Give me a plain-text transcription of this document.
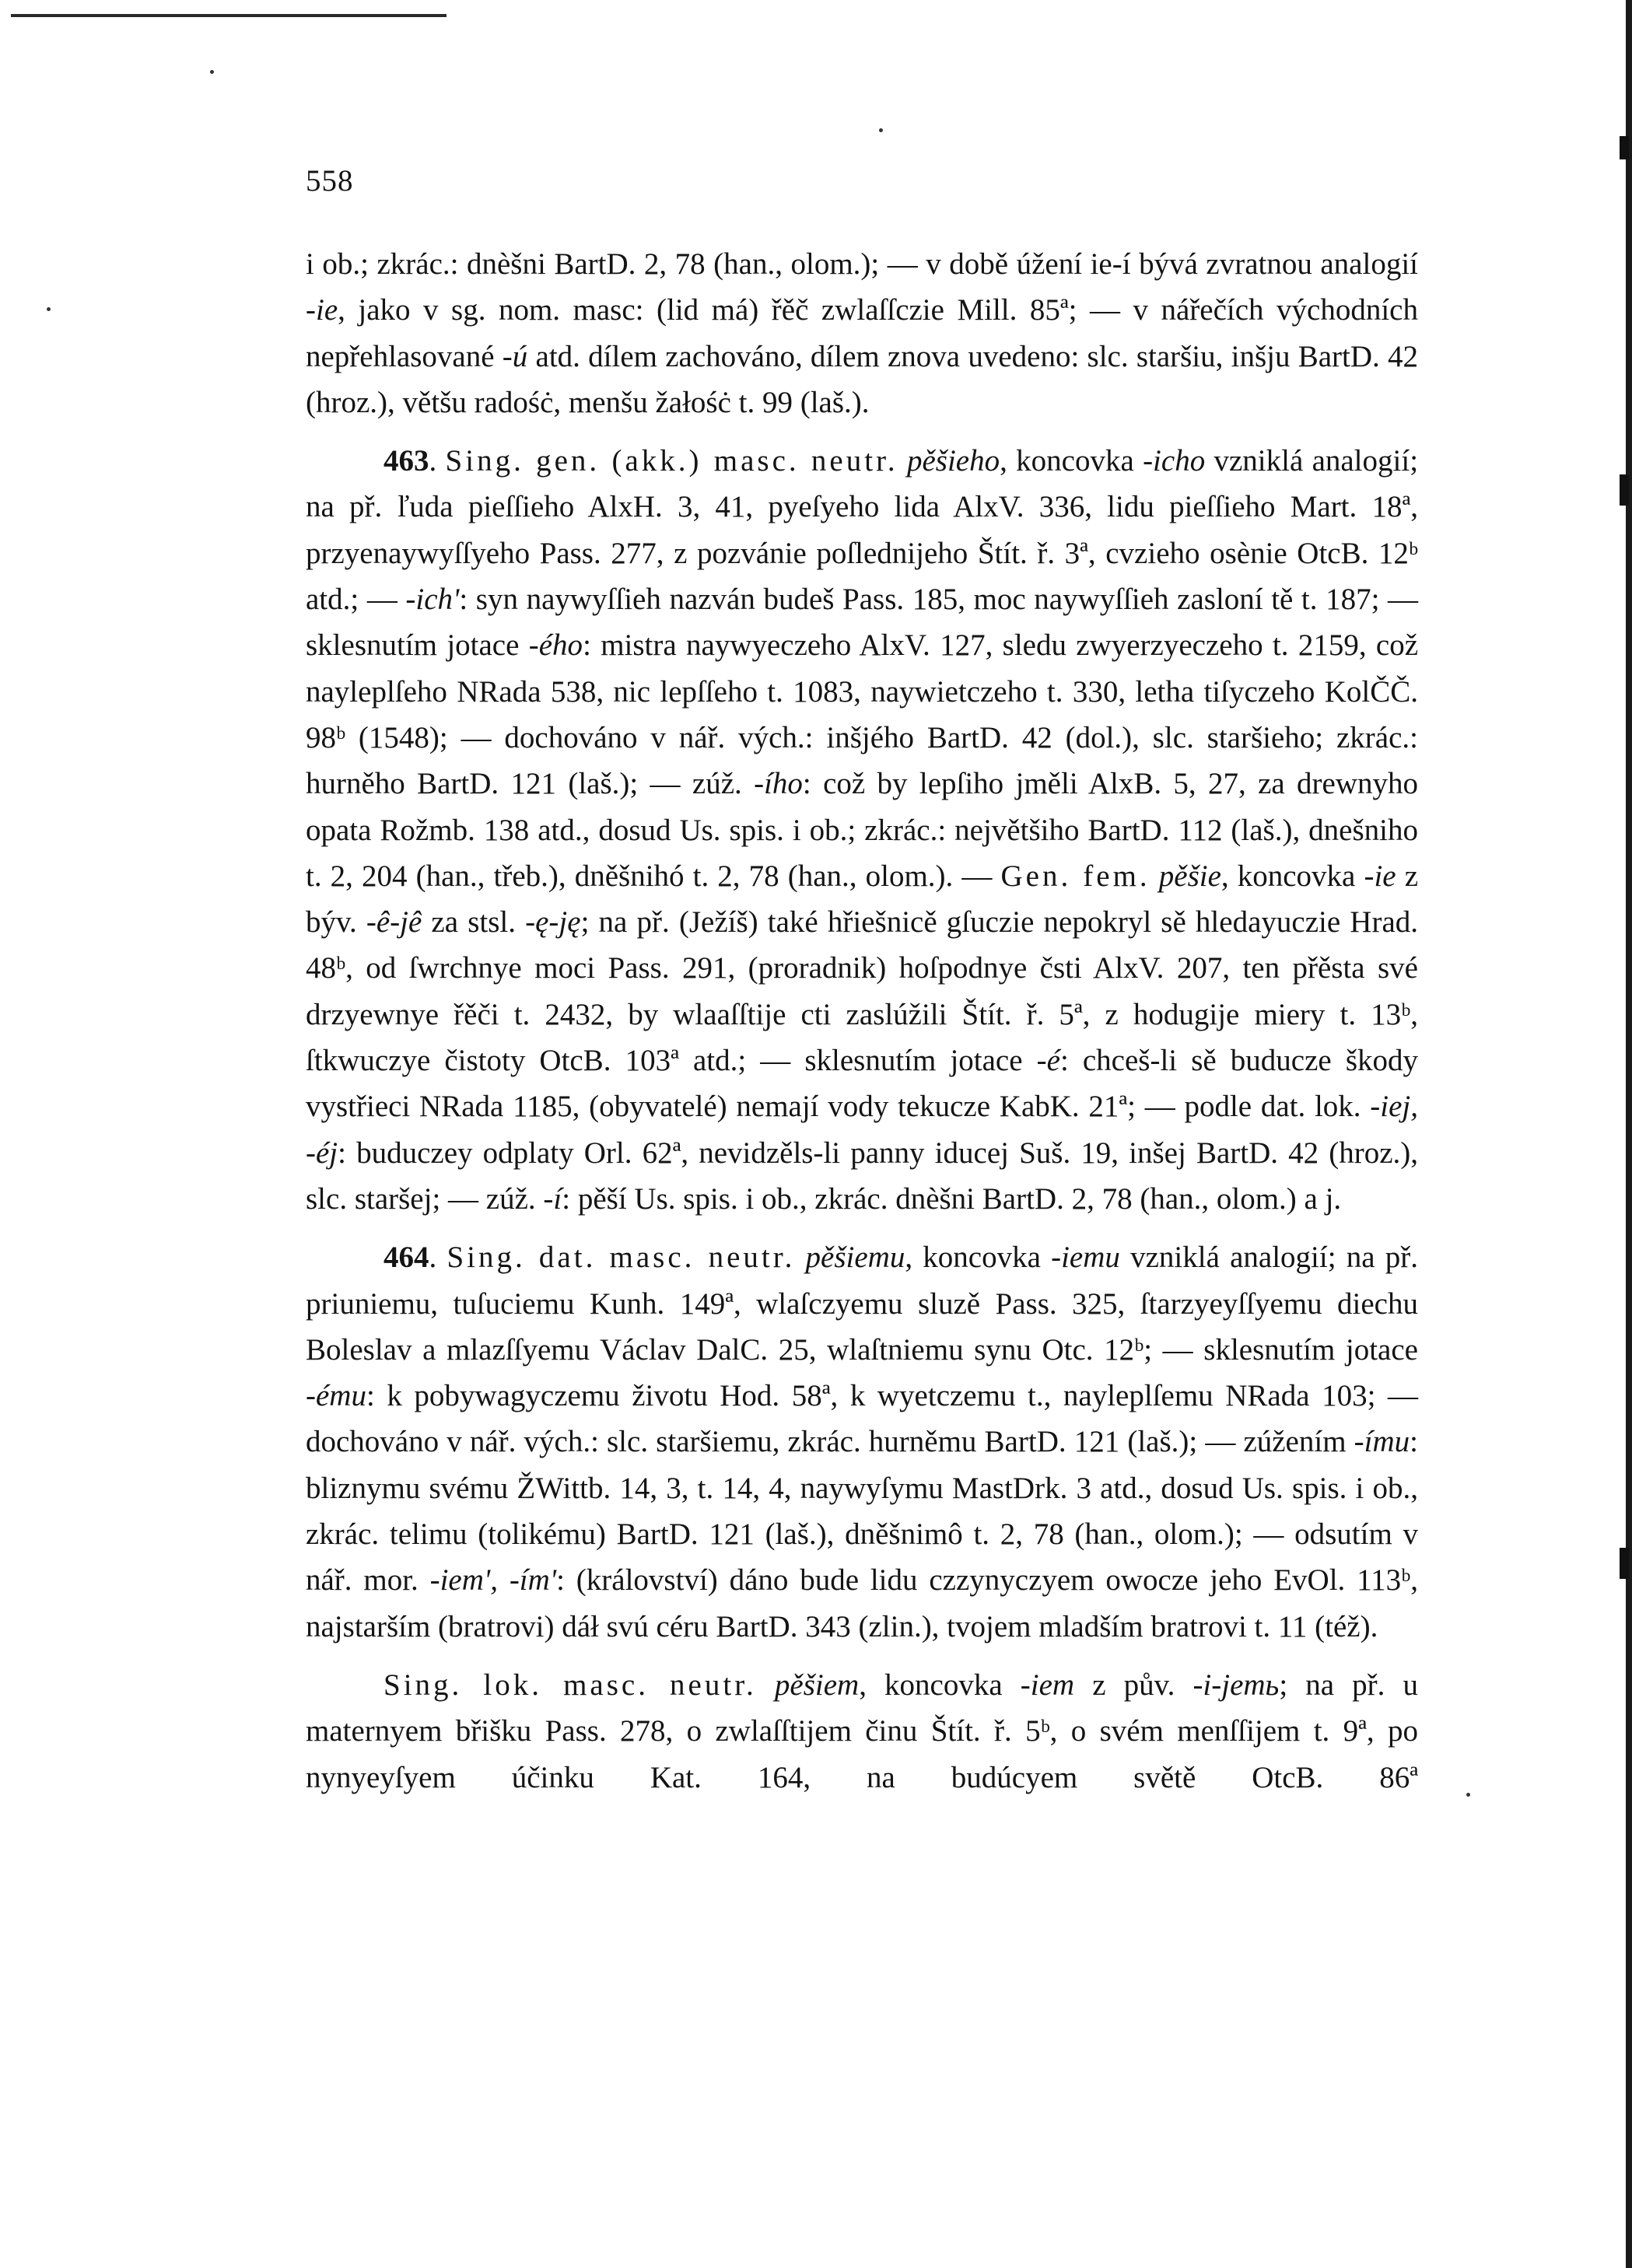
558

i ob.; zkrác.: dnèšni BartD. 2, 78 (han., olom.); — v době úžení ie-í bývá zvratnou analogií -ie, jako v sg. nom. masc: (lid má) řěč zwlaſſczie Mill. 85ª; — v nářečích východních nepřehlasované -ú atd. dílem zachováno, dílem znova uvedeno: slc. staršiu, inšju BartD. 42 (hroz.), většu radośċ, menšu žałośċ t. 99 (laš.).

463. Sing. gen. (akk.) masc. neutr. pěšieho, koncovka -icho vzniklá analogií; na př. ľuda pieſſieho AlxH. 3, 41, pyeſyeho lida AlxV. 336, lidu pieſſieho Mart. 18ª, przyenaywyſſyeho Pass. 277, z pozvánie poſlednijeho Štít. ř. 3ª, cvzieho osènie OtcB. 12ᵇ atd.; — -ich': syn naywyſſieh nazván budeš Pass. 185, moc naywyſſieh zasloní tě t. 187; — sklesnutím jotace -ého: mistra naywyeczeho AlxV. 127, sledu zwyerzyeczeho t. 2159, což nayleplſeho NRada 538, nic lepſſeho t. 1083, naywietczeho t. 330, letha tiſyczeho KolČČ. 98ᵇ (1548); — dochováno v nář. vých.: inšjého BartD. 42 (dol.), slc. staršieho; zkrác.: hurněho BartD. 121 (laš.); — zúž. -ího: což by lepſiho jměli AlxB. 5, 27, za drewnyho opata Rožmb. 138 atd., dosud Us. spis. i ob.; zkrác.: největšiho BartD. 112 (laš.), dnešniho t. 2, 204 (han., třeb.), dněšnihó t. 2, 78 (han., olom.). — Gen. fem. pěšie, koncovka -ie z býv. -ê-jê za stsl. -ę-ję; na př. (Ježíš) také hřiešnicě gſuczie nepokryl sě hledayuczie Hrad. 48ᵇ, od ſwrchnye moci Pass. 291, (proradnik) hoſpodnye čsti AlxV. 207, ten přěsta své drzyewnye řěči t. 2432, by wlaaſſtije cti zaslúžili Štít. ř. 5ª, z hodugije miery t. 13ᵇ, ſtkwuczye čistoty OtcB. 103ª atd.; — sklesnutím jotace -é: chceš-li sě buducze škody vystřieci NRada 1185, (obyvatelé) nemají vody tekucze KabK. 21ª; — podle dat. lok. -iej, -éj: buduczey odplaty Orl. 62ª, nevidzěls-li panny iducej Suš. 19, inšej BartD. 42 (hroz.), slc. staršej; — zúž. -í: pěší Us. spis. i ob., zkrác. dnèšni BartD. 2, 78 (han., olom.) a j.

464. Sing. dat. masc. neutr. pěšiemu, koncovka -iemu vzniklá analogií; na př. priuniemu, tuſuciemu Kunh. 149ª, wlaſczyemu sluzě Pass. 325, ſtarzyeyſſyemu diechu Boleslav a mlazſſyemu Václav DalC. 25, wlaſtniemu synu Otc. 12ᵇ; — sklesnutím jotace -ému: k pobywagyczemu životu Hod. 58ª, k wyetczemu t., nayleplſemu NRada 103; — dochováno v nář. vých.: slc. staršiemu, zkrác. hurněmu BartD. 121 (laš.); — zúžením -ímu: bliznymu svému ŽWittb. 14, 3, t. 14, 4, naywyſymu MastDrk. 3 atd., dosud Us. spis. i ob., zkrác. telimu (tolikému) BartD. 121 (laš.), dněšnimô t. 2, 78 (han., olom.); — odsutím v nář. mor. -iem', -ím': (království) dáno bude lidu czzynyczyem owocze jeho EvOl. 113ᵇ, najstarším (bratrovi) dáł svú céru BartD. 343 (zlin.), tvojem mladším bratrovi t. 11 (též).

Sing. lok. masc. neutr. pěšiem, koncovka -iem z pův. -i-jemь; na př. u maternyem břišku Pass. 278, o zwlaſſtijem činu Štít. ř. 5ᵇ, o svém menſſijem t. 9ª, po nynyeyſyem účinku Kat. 164, na budúcyem světě OtcB. 86ª
